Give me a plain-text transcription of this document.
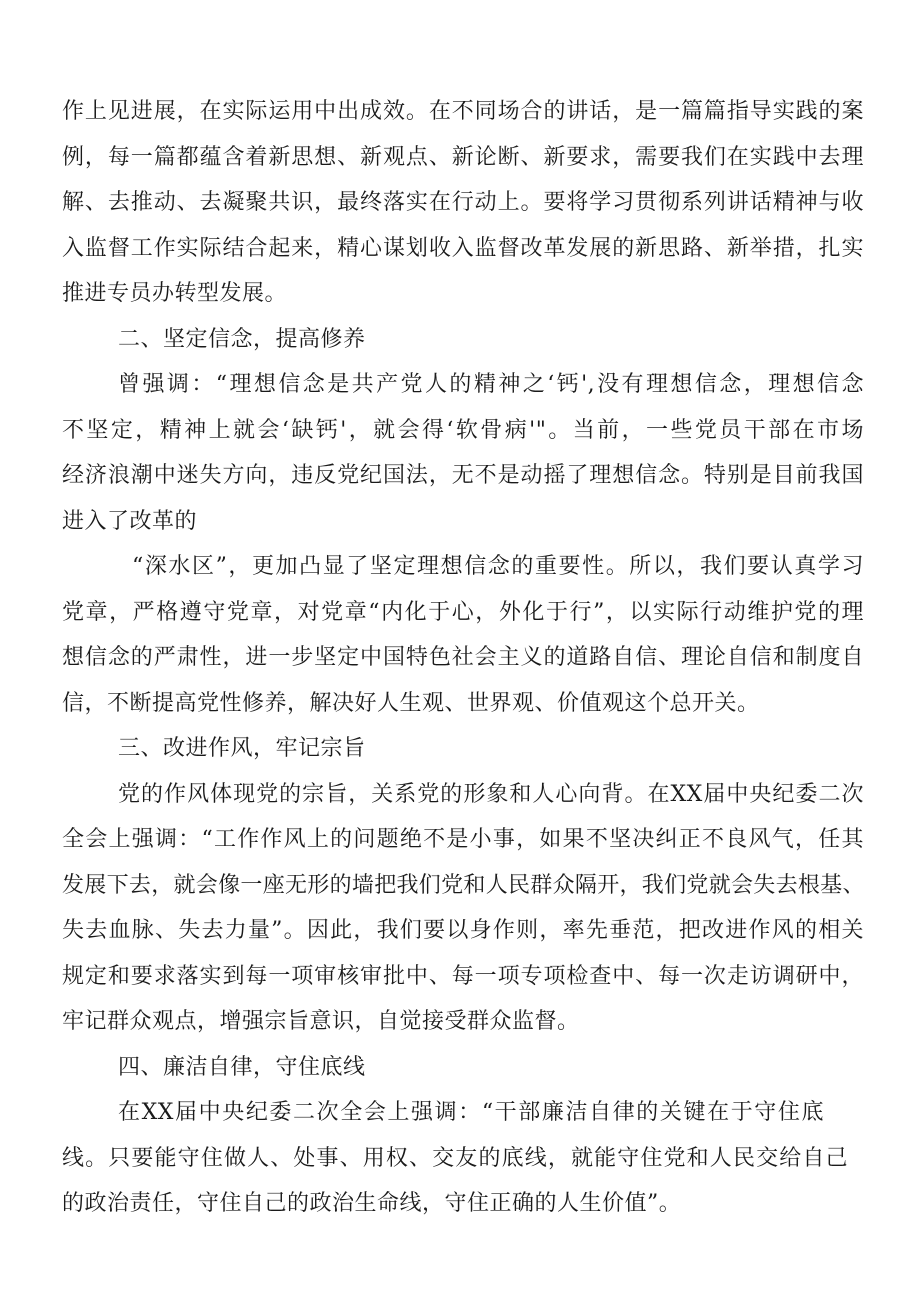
作上见进展，在实际运用中出成效。在不同场合的讲话，是一篇篇指导实践的案
例，每一篇都蕴含着新思想、新观点、新论断、新要求，需要我们在实践中去理
解、去推动、去凝聚共识，最终落实在行动上。要将学习贯彻系列讲话精神与收
入监督工作实际结合起来，精心谋划收入监督改革发展的新思路、新举措，扎实
推进专员办转型发展。
二、坚定信念，提高修养
曾强调：“理想信念是共产党人的精神之‘钙',没有理想信念，理想信念
不坚定，精神上就会‘缺钙'，就会得‘软骨病'"。当前，一些党员干部在市场
经济浪潮中迷失方向，违反党纪国法，无不是动摇了理想信念。特别是目前我国
进入了改革的
“深水区”，更加凸显了坚定理想信念的重要性。所以，我们要认真学习
党章，严格遵守党章，对党章“内化于心，外化于行”，以实际行动维护党的理
想信念的严肃性，进一步坚定中国特色社会主义的道路自信、理论自信和制度自
信，不断提高党性修养，解决好人生观、世界观、价值观这个总开关。
三、改进作风，牢记宗旨
党的作风体现党的宗旨，关系党的形象和人心向背。在XX届中央纪委二次
全会上强调：“工作作风上的问题绝不是小事，如果不坚决纠正不良风气，任其
发展下去，就会像一座无形的墙把我们党和人民群众隔开，我们党就会失去根基、
失去血脉、失去力量”。因此，我们要以身作则，率先垂范，把改进作风的相关
规定和要求落实到每一项审核审批中、每一项专项检查中、每一次走访调研中，
牢记群众观点，增强宗旨意识，自觉接受群众监督。
四、廉洁自律，守住底线
在XX届中央纪委二次全会上强调：“干部廉洁自律的关键在于守住底
线。只要能守住做人、处事、用权、交友的底线，就能守住党和人民交给自己
的政治责任，守住自己的政治生命线，守住正确的人生价值”。
